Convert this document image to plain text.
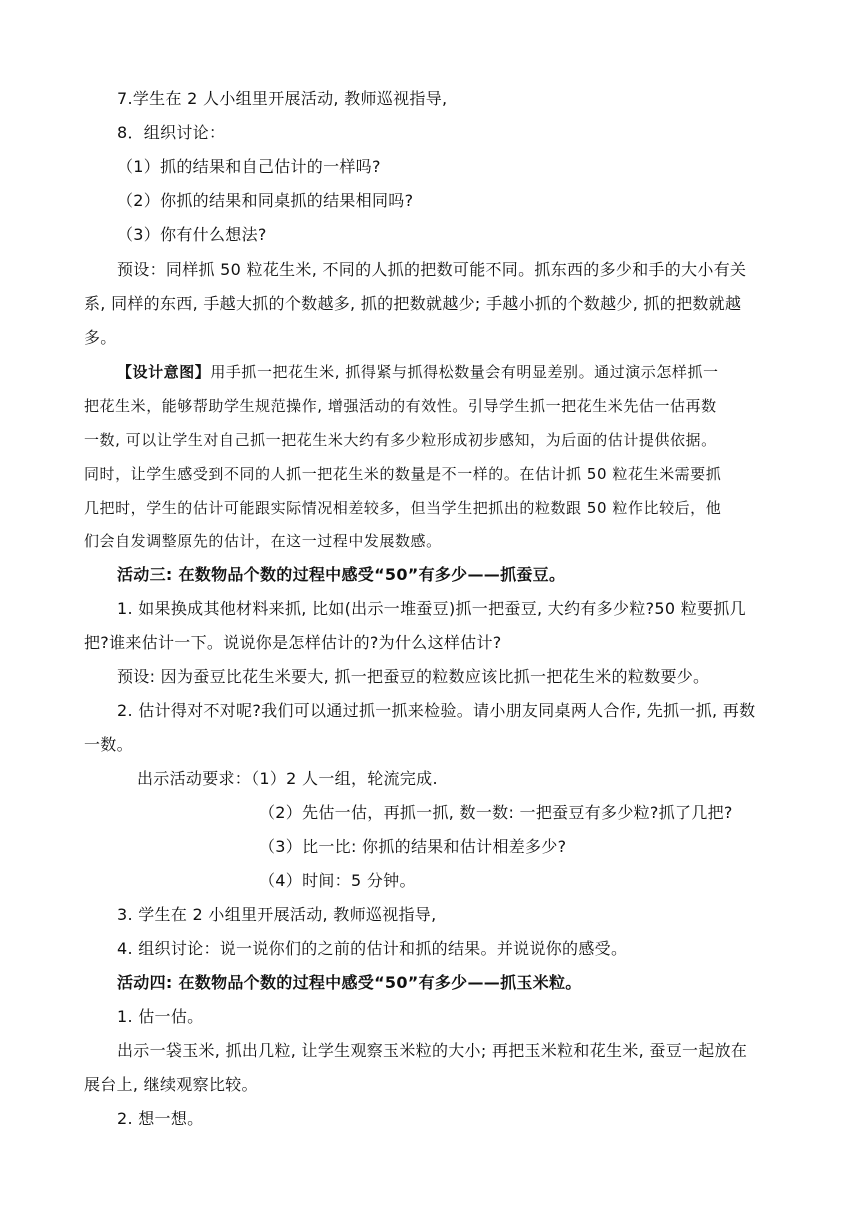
7.学生在 2 人小组里开展活动, 教师巡视指导,
8．组织讨论：
（1）抓的结果和自己估计的一样吗?
（2）你抓的结果和同桌抓的结果相同吗?
（3）你有什么想法?
预设：同样抓 50 粒花生米, 不同的人抓的把数可能不同。抓东西的多少和手的大小有关
系, 同样的东西, 手越大抓的个数越多, 抓的把数就越少; 手越小抓的个数越少, 抓的把数就越
多。
【设计意图】用手抓一把花生米, 抓得紧与抓得松数量会有明显差别。通过演示怎样抓一
把花生米，能够帮助学生规范操作, 增强活动的有效性。引导学生抓一把花生米先估一估再数
一数, 可以让学生对自己抓一把花生米大约有多少粒形成初步感知，为后面的估计提供依据。
同时，让学生感受到不同的人抓一把花生米的数量是不一样的。在估计抓 50 粒花生米需要抓
几把时，学生的估计可能跟实际情况相差较多，但当学生把抓出的粒数跟 50 粒作比较后，他
们会自发调整原先的估计，在这一过程中发展数感。
活动三: 在数物品个数的过程中感受“50”有多少——抓蚕豆。
1. 如果换成其他材料来抓, 比如(出示一堆蚕豆)抓一把蚕豆, 大约有多少粒?50 粒要抓几
把?谁来估计一下。说说你是怎样估计的?为什么这样估计?
预设: 因为蚕豆比花生米要大, 抓一把蚕豆的粒数应该比抓一把花生米的粒数要少。
2. 估计得对不对呢?我们可以通过抓一抓来检验。请小朋友同桌两人合作, 先抓一抓, 再数
一数。
出示活动要求：（1）2 人一组，轮流完成.
（2）先估一估，再抓一抓, 数一数: 一把蚕豆有多少粒?抓了几把?
（3）比一比: 你抓的结果和估计相差多少?
（4）时间：5 分钟。
3. 学生在 2 小组里开展活动, 教师巡视指导,
4. 组织讨论：说一说你们的之前的估计和抓的结果。并说说你的感受。
活动四: 在数物品个数的过程中感受“50”有多少——抓玉米粒。
1. 估一估。
出示一袋玉米, 抓出几粒, 让学生观察玉米粒的大小; 再把玉米粒和花生米, 蚕豆一起放在
展台上, 继续观察比较。
2. 想一想。
